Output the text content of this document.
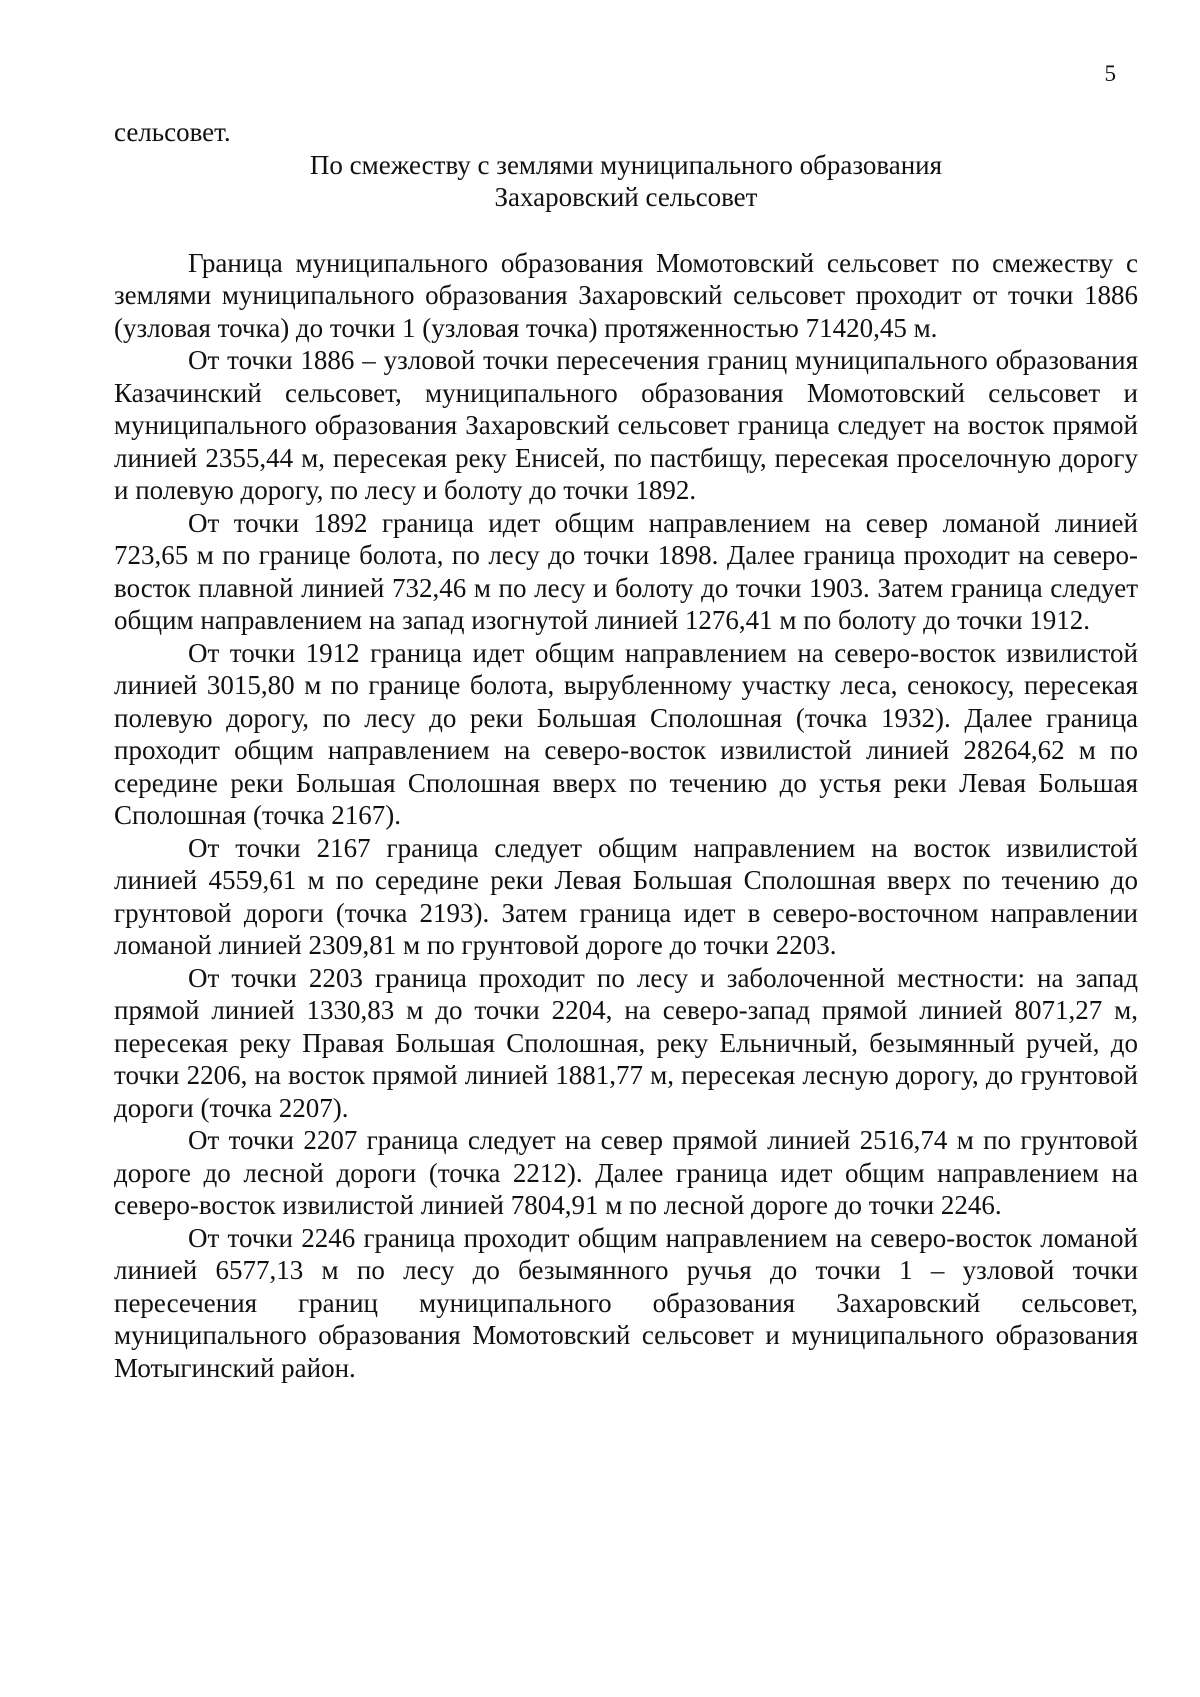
5

сельсовет.

По смежеству с землями муниципального образования
Захаровский сельсовет

Граница муниципального образования Момотовский сельсовет по смежеству с землями муниципального образования Захаровский сельсовет проходит от точки 1886 (узловая точка) до точки 1 (узловая точка) протяженностью 71420,45 м.

От точки 1886 – узловой точки пересечения границ муниципального образования Казачинский сельсовет, муниципального образования Момотовский сельсовет и муниципального образования Захаровский сельсовет граница следует на восток прямой линией 2355,44 м, пересекая реку Енисей, по пастбищу, пересекая проселочную дорогу и полевую дорогу, по лесу и болоту до точки 1892.

От точки 1892 граница идет общим направлением на север ломаной линией 723,65 м по границе болота, по лесу до точки 1898. Далее граница проходит на северо-восток плавной линией 732,46 м по лесу и болоту до точки 1903. Затем граница следует общим направлением на запад изогнутой линией 1276,41 м по болоту до точки 1912.

От точки 1912 граница идет общим направлением на северо-восток извилистой линией 3015,80 м по границе болота, вырубленному участку леса, сенокосу, пересекая полевую дорогу, по лесу до реки Большая Сполошная (точка 1932). Далее граница проходит общим направлением на северо-восток извилистой линией 28264,62 м по середине реки Большая Сполошная вверх по течению до устья реки Левая Большая Сполошная (точка 2167).

От точки 2167 граница следует общим направлением на восток извилистой линией 4559,61 м по середине реки Левая Большая Сполошная вверх по течению до грунтовой дороги (точка 2193). Затем граница идет в северо-восточном направлении ломаной линией 2309,81 м по грунтовой дороге до точки 2203.

От точки 2203 граница проходит по лесу и заболоченной местности: на запад прямой линией 1330,83 м до точки 2204, на северо-запад прямой линией 8071,27 м, пересекая реку Правая Большая Сполошная, реку Ельничный, безымянный ручей, до точки 2206, на восток прямой линией 1881,77 м, пересекая лесную дорогу, до грунтовой дороги (точка 2207).

От точки 2207 граница следует на север прямой линией 2516,74 м по грунтовой дороге до лесной дороги (точка 2212). Далее граница идет общим направлением на северо-восток извилистой линией 7804,91 м по лесной дороге до точки 2246.

От точки 2246 граница проходит общим направлением на северо-восток ломаной линией 6577,13 м по лесу до безымянного ручья до точки 1 – узловой точки пересечения границ муниципального образования Захаровский сельсовет, муниципального образования Момотовский сельсовет и муниципального образования Мотыгинский район.
